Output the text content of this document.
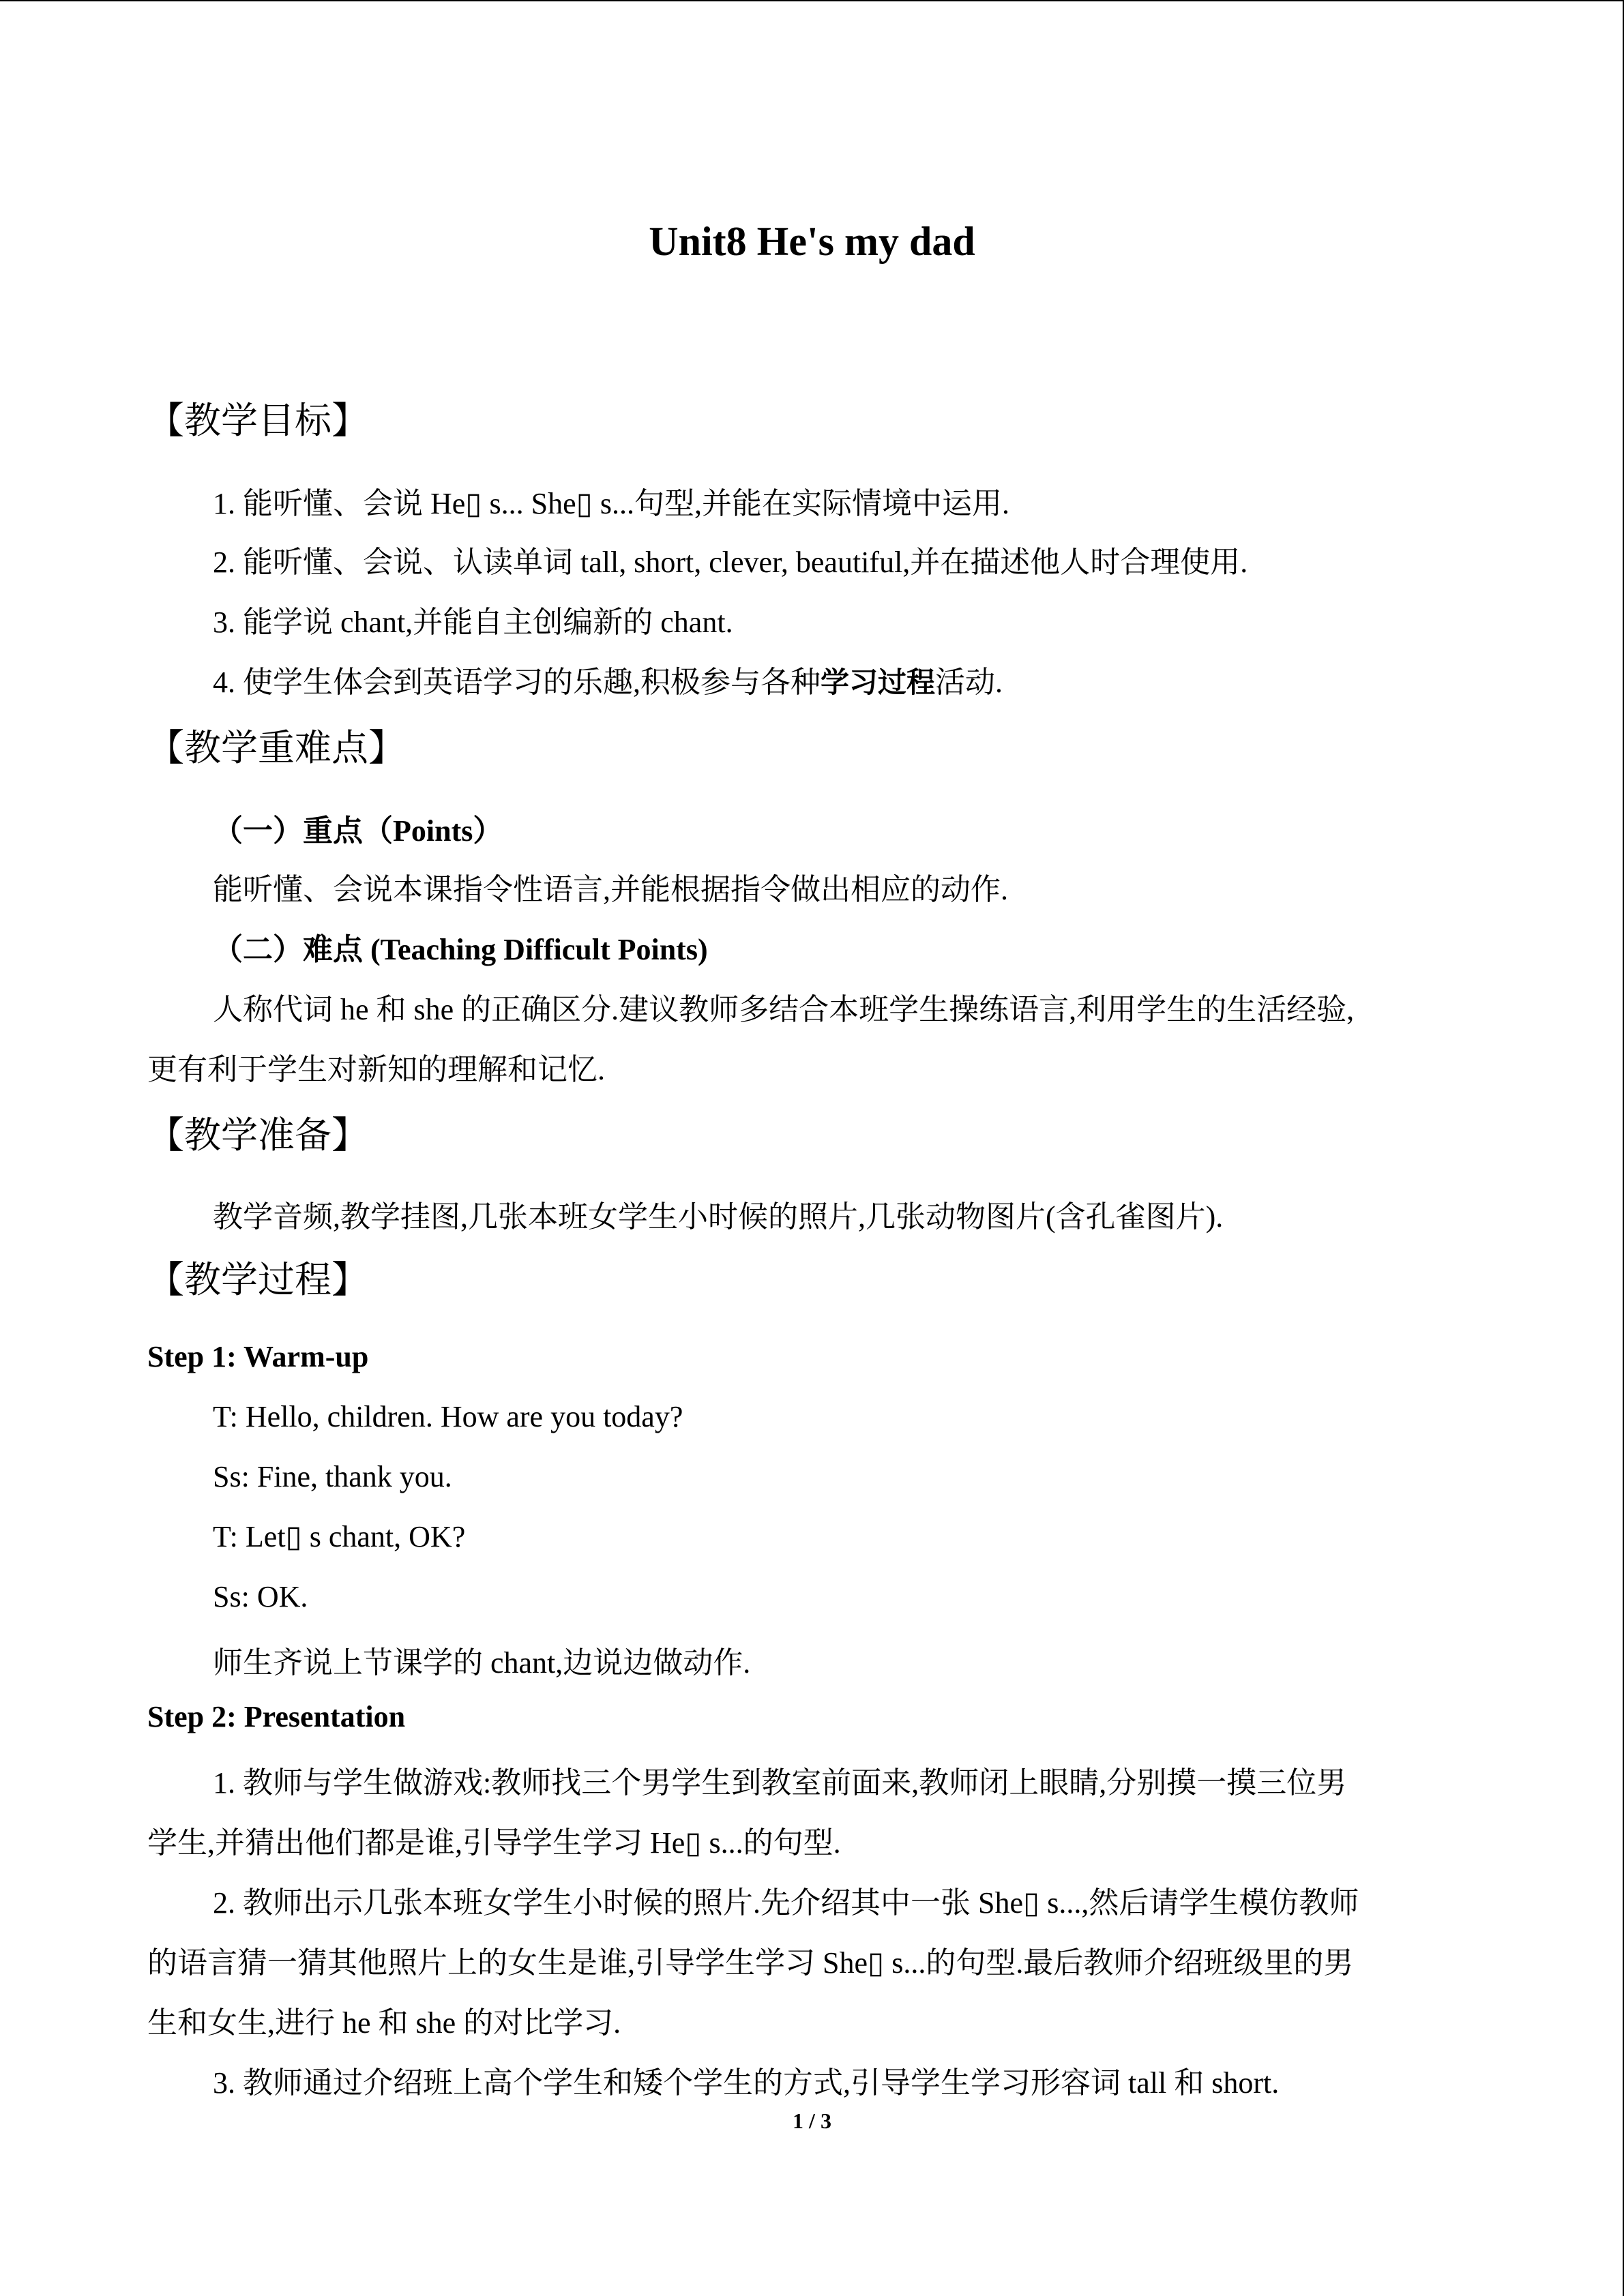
Unit8 He's my dad
【教学目标】
1. 能听懂、会说 He▯ s... She▯ s...句型,并能在实际情境中运用.
2. 能听懂、会说、认读单词 tall, short, clever, beautiful,并在描述他人时合理使用.
3. 能学说 chant,并能自主创编新的 chant.
4. 使学生体会到英语学习的乐趣,积极参与各种学习过程活动.
【教学重难点】
（一）重点（Points）
能听懂、会说本课指令性语言,并能根据指令做出相应的动作.
（二）难点 (Teaching Difficult Points)
人称代词 he 和 she 的正确区分.建议教师多结合本班学生操练语言,利用学生的生活经验,
更有利于学生对新知的理解和记忆.
【教学准备】
教学音频,教学挂图,几张本班女学生小时候的照片,几张动物图片(含孔雀图片).
【教学过程】
Step 1: Warm-up
T: Hello, children. How are you today?
Ss: Fine, thank you.
T: Let▯ s chant, OK?
Ss: OK.
师生齐说上节课学的 chant,边说边做动作.
Step 2: Presentation
1. 教师与学生做游戏:教师找三个男学生到教室前面来,教师闭上眼睛,分别摸一摸三位男
学生,并猜出他们都是谁,引导学生学习 He▯ s...的句型.
2. 教师出示几张本班女学生小时候的照片.先介绍其中一张 She▯ s...,然后请学生模仿教师
的语言猜一猜其他照片上的女生是谁,引导学生学习 She▯ s...的句型.最后教师介绍班级里的男
生和女生,进行 he 和 she 的对比学习.
3. 教师通过介绍班上高个学生和矮个学生的方式,引导学生学习形容词 tall 和 short.
1 / 3
